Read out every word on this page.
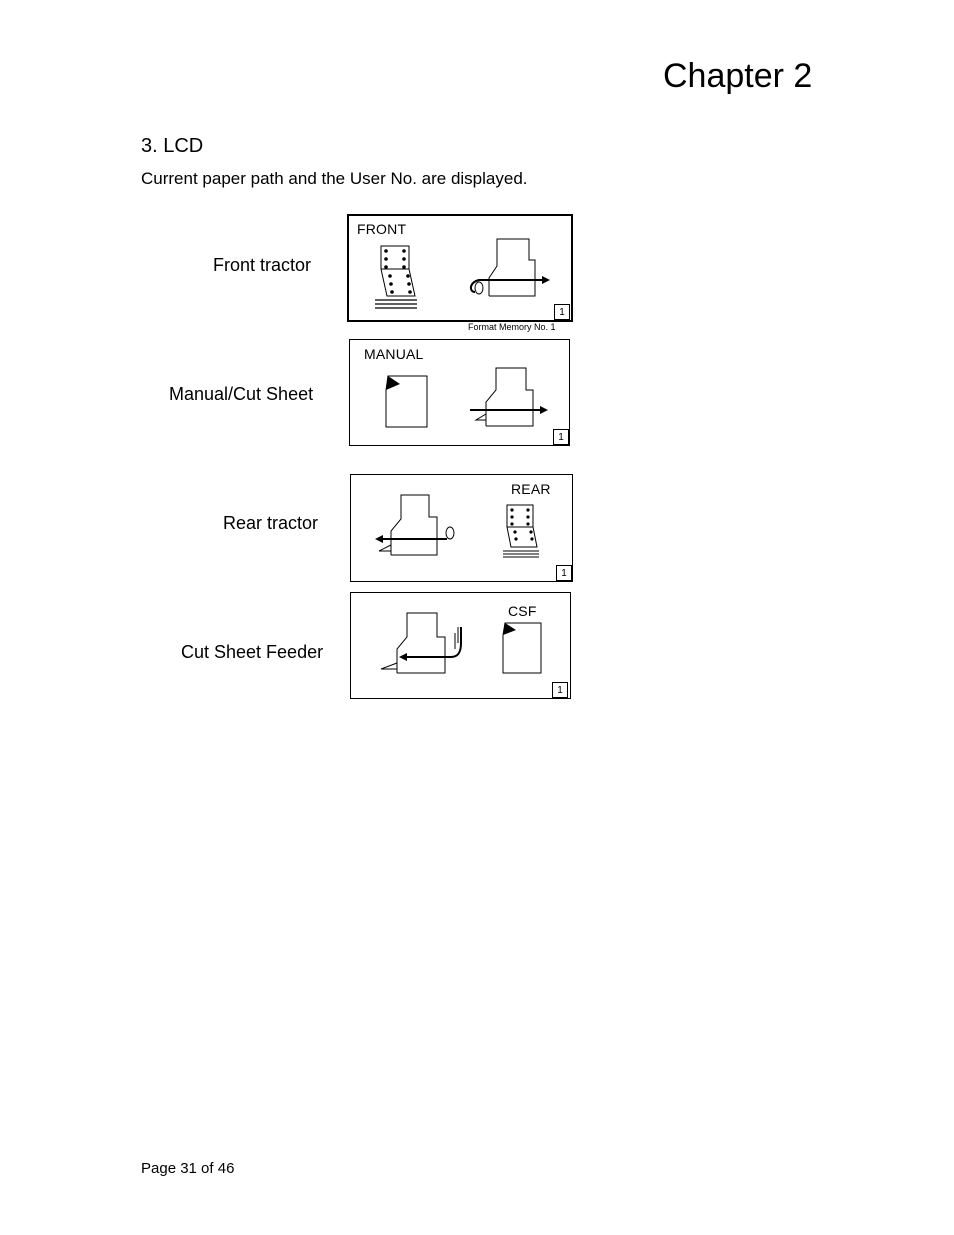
Chapter 2
3. LCD

Current paper path and the User No. are displayed.

Front tractor
FRONT
1
Format Memory No. 1
Manual/Cut Sheet
MANUAL
1
Rear tractor
REAR
1
Cut Sheet Feeder
CSF
1
Page 31 of 46
